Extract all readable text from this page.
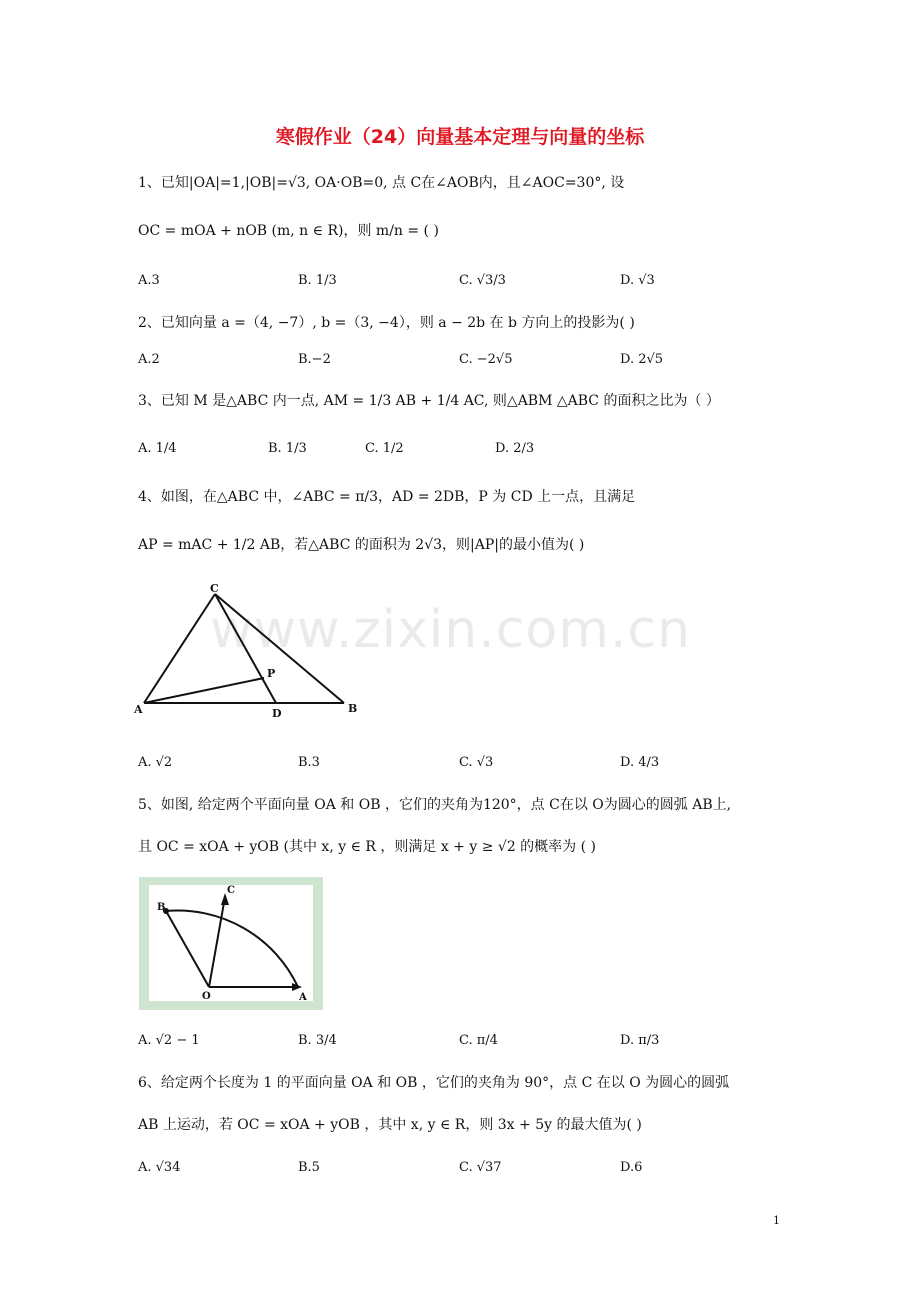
寒假作业（24）向量基本定理与向量的坐标
www.zixin.com.cn
1、已知|OA|=1,|OB|=√3, OA·OB=0, 点 C在∠AOB内，且∠AOC=30°, 设
OC = mOA + nOB (m, n ∈ R)，则 m/n = ( )
A.3	B. 1/3	C. √3/3	D. √3
2、已知向量 a =（4, −7）, b =（3, −4），则 a − 2b 在 b 方向上的投影为( )
A.2	B.−2	C. −2√5	D. 2√5
3、已知 M 是△ABC 内一点, AM = 1/3 AB + 1/4 AC, 则△ABM △ABC 的面积之比为（ ）
A. 1/4	B. 1/3	C. 1/2	D. 2/3
4、如图，在△ABC 中，∠ABC = π/3，AD = 2DB，P 为 CD 上一点，且满足
AP = mAC + 1/2 AB，若△ABC 的面积为 2√3，则|AP|的最小值为( )
C
P
A	D	B
A. √2	B.3	C. √3	D. 4/3
5、如图, 给定两个平面向量 OA 和 OB ，它们的夹角为120°，点 C在以 O为圆心的圆弧 AB上,
且 OC = xOA + yOB (其中 x, y ∈ R ，则满足 x + y ≥ √2 的概率为 ( )
C
B
O	A
A. √2 − 1	B. 3/4	C. π/4	D. π/3
6、给定两个长度为 1 的平面向量 OA 和 OB ，它们的夹角为 90°，点 C 在以 O 为圆心的圆弧
AB 上运动，若 OC = xOA + yOB ，其中 x, y ∈ R，则 3x + 5y 的最大值为( )
A. √34	B.5	C. √37	D.6
1
